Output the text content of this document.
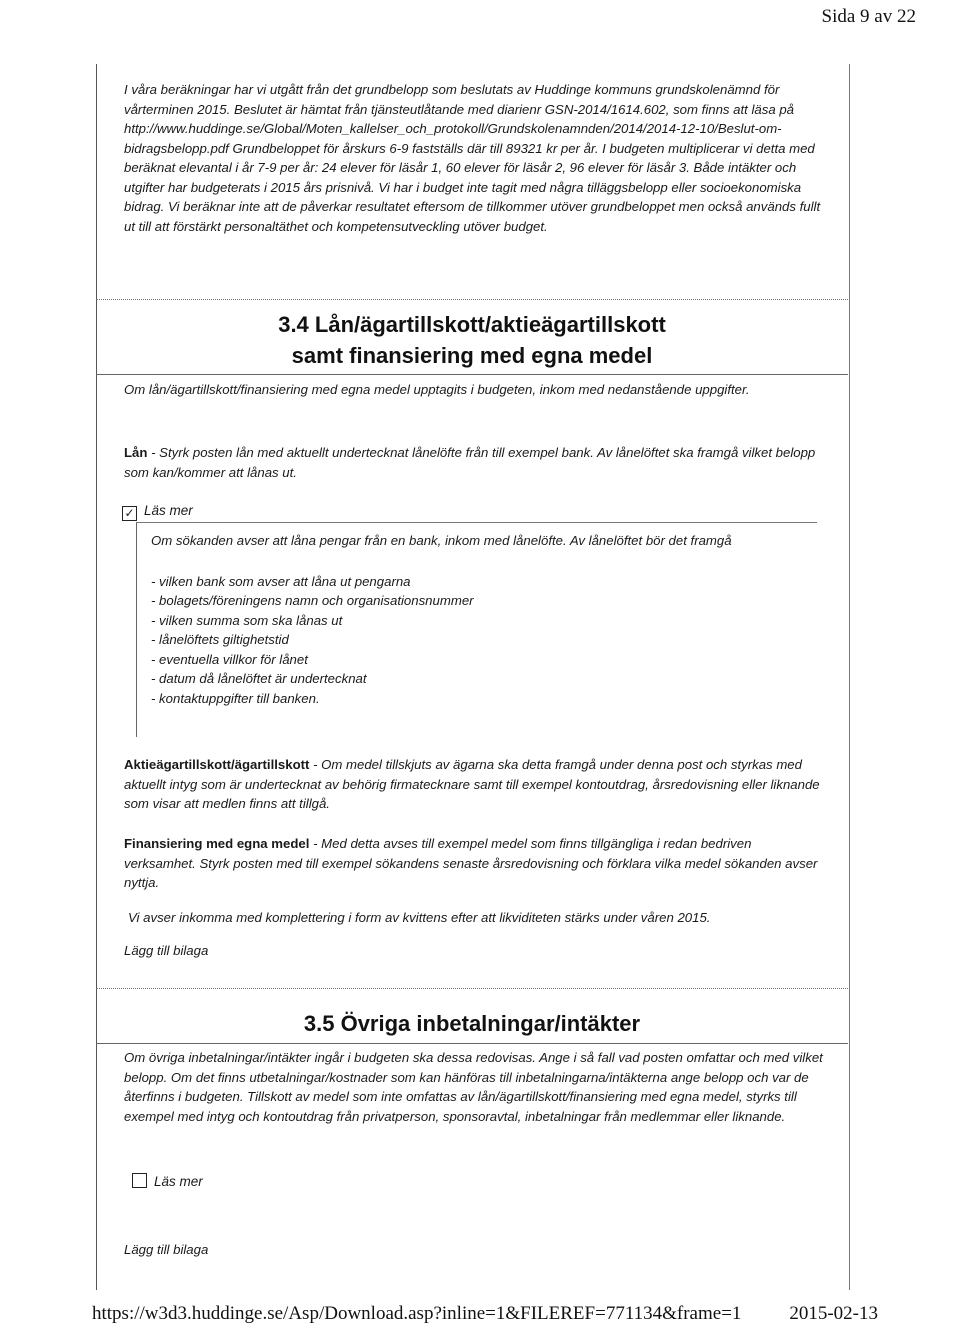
Sida 9 av 22

I våra beräkningar har vi utgått från det grundbelopp som beslutats av Huddinge kommuns grundskolenämnd för vårterminen 2015. Beslutet är hämtat från tjänsteutlåtande med diarienr GSN-2014/1614.602, som finns att läsa på http://www.huddinge.se/Global/Moten_kallelser_och_protokoll/Grundskolenamnden/2014/2014-12-10/Beslut-om-bidragsbelopp.pdf Grundbeloppet för årskurs 6-9 fastställs där till 89321 kr per år. I budgeten multiplicerar vi detta med beräknat elevantal i år 7-9 per år: 24 elever för läsår 1, 60 elever för läsår 2, 96 elever för läsår 3. Både intäkter och utgifter har budgeterats i 2015 års prisnivå. Vi har i budget inte tagit med några tilläggsbelopp eller socioekonomiska bidrag. Vi beräknar inte att de påverkar resultatet eftersom de tillkommer utöver grundbeloppet men också används fullt ut till att förstärkt personaltäthet och kompetensutveckling utöver budget.

3.4 Lån/ägartillskott/aktieägartillskott
samt finansiering med egna medel

Om lån/ägartillskott/finansiering med egna medel upptagits i budgeten, inkom med nedanstående uppgifter.

Lån - Styrk posten lån med aktuellt undertecknat lånelöfte från till exempel bank. Av lånelöftet ska framgå vilket belopp som kan/kommer att lånas ut.

✓ Läs mer

Om sökanden avser att låna pengar från en bank, inkom med lånelöfte. Av lånelöftet bör det framgå

- vilken bank som avser att låna ut pengarna
- bolagets/föreningens namn och organisationsnummer
- vilken summa som ska lånas ut
- lånelöftets giltighetstid
- eventuella villkor för lånet
- datum då lånelöftet är undertecknat
- kontaktuppgifter till banken.

Aktieägartillskott/ägartillskott - Om medel tillskjuts av ägarna ska detta framgå under denna post och styrkas med aktuellt intyg som är undertecknat av behörig firmatecknare samt till exempel kontoutdrag, årsredovisning eller liknande som visar att medlen finns att tillgå.

Finansiering med egna medel - Med detta avses till exempel medel som finns tillgängliga i redan bedriven verksamhet. Styrk posten med till exempel sökandens senaste årsredovisning och förklara vilka medel sökanden avser nyttja.

Vi avser inkomma med komplettering i form av kvittens efter att likviditeten stärks under våren 2015.

Lägg till bilaga

3.5 Övriga inbetalningar/intäkter

Om övriga inbetalningar/intäkter ingår i budgeten ska dessa redovisas. Ange i så fall vad posten omfattar och med vilket belopp. Om det finns utbetalningar/kostnader som kan hänföras till inbetalningarna/intäkterna ange belopp och var de återfinns i budgeten. Tillskott av medel som inte omfattas av lån/ägartillskott/finansiering med egna medel, styrks till exempel med intyg och kontoutdrag från privatperson, sponsoravtal, inbetalningar från medlemmar eller liknande.

Läs mer

Lägg till bilaga

https://w3d3.huddinge.se/Asp/Download.asp?inline=1&FILEREF=771134&frame=1	2015-02-13
